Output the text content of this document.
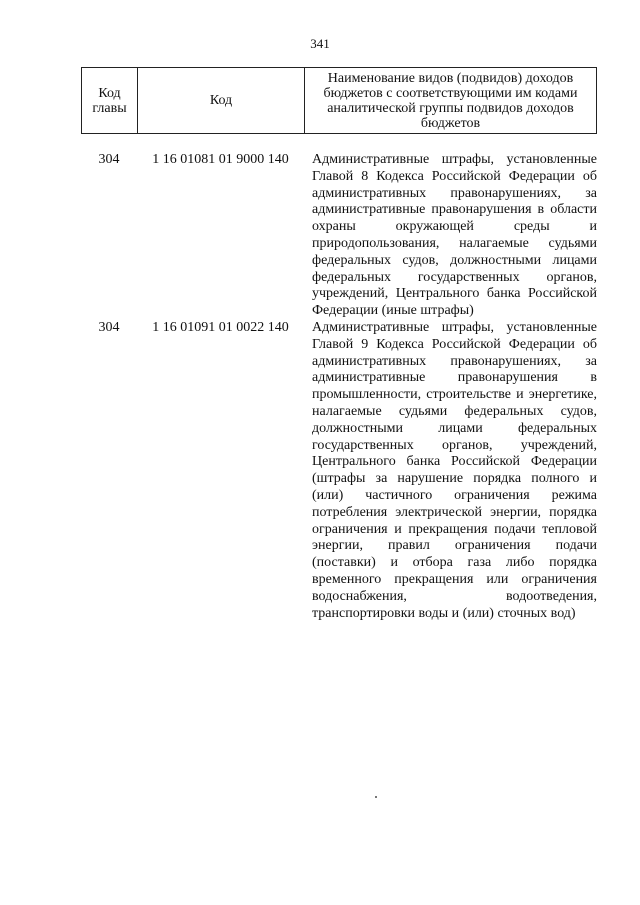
341
Код главы	Код	Наименование видов (подвидов) доходов бюджетов с соответствующими им кодами аналитической группы подвидов доходов бюджетов
304	1 16 01081 01 9000 140	Административные штрафы, установленные Главой 8 Кодекса Российской Федерации об административных правонарушениях, за административные правонарушения в области охраны окружающей среды и природопользования, налагаемые судьями федеральных судов, должностными лицами федеральных государственных органов, учреждений, Центрального банка Российской Федерации (иные штрафы)
304	1 16 01091 01 0022 140	Административные штрафы, установленные Главой 9 Кодекса Российской Федерации об административных правонарушениях, за административные правонарушения в промышленности, строительстве и энергетике, налагаемые судьями федеральных судов, должностными лицами федеральных государственных органов, учреждений, Центрального банка Российской Федерации (штрафы за нарушение порядка полного и (или) частичного ограничения режима потребления электрической энергии, порядка ограничения и прекращения подачи тепловой энергии, правил ограничения подачи (поставки) и отбора газа либо порядка временного прекращения или ограничения водоснабжения, водоотведения, транспортировки воды и (или) сточных вод)
